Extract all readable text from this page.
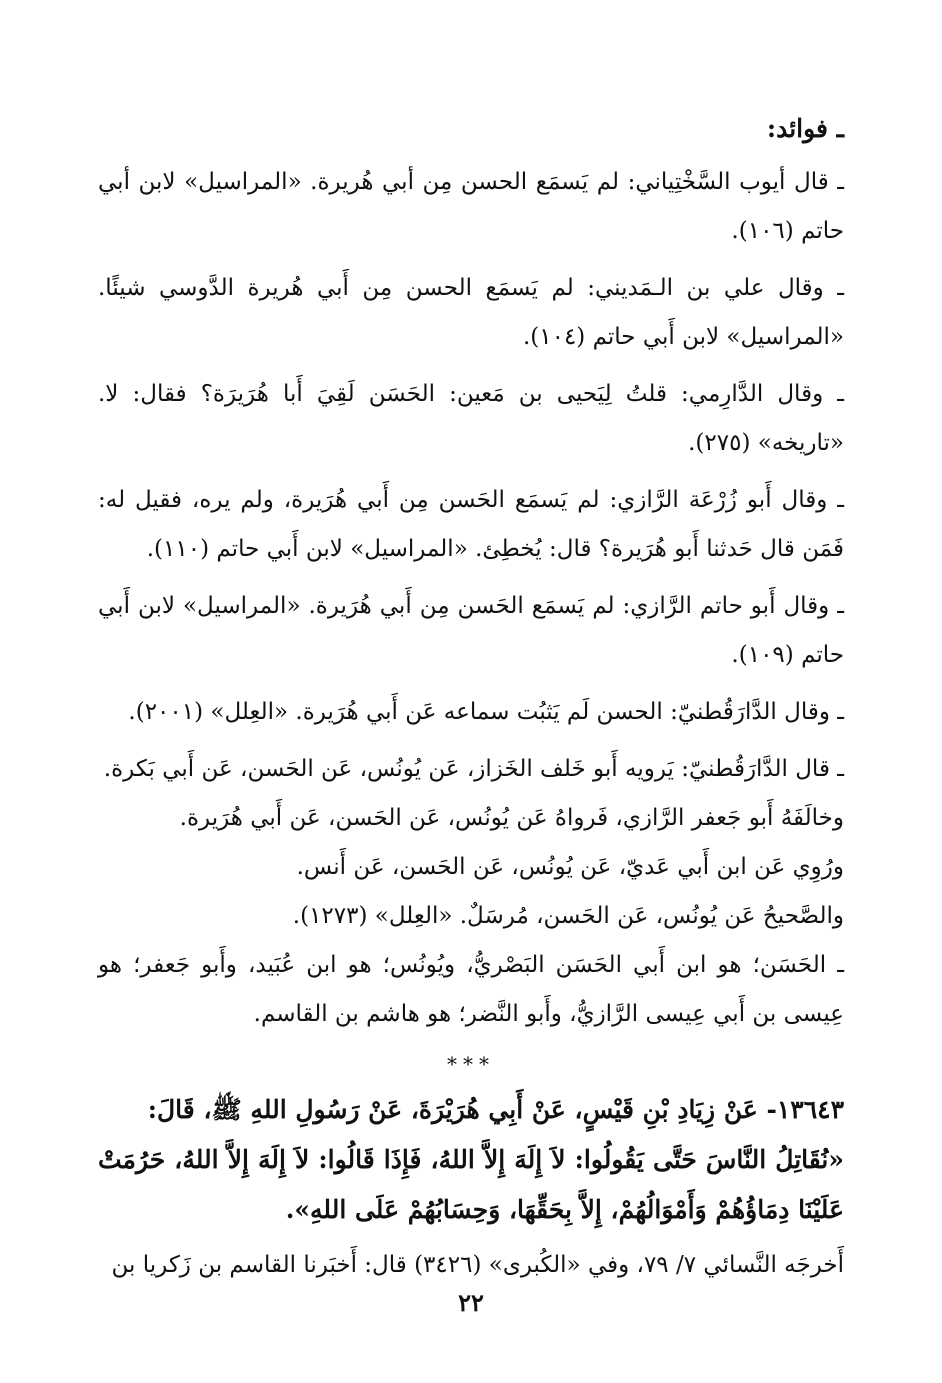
ـ فوائد:

ـ قال أيوب السَّخْتِياني: لم يَسمَع الحسن مِن أبي هُريرة. «المراسيل» لابن أبي حاتم (١٠٦).

ـ وقال علي بن الـمَديني: لم يَسمَع الحسن مِن أَبي هُريرة الدَّوسي شيئًا. «المراسيل» لابن أَبي حاتم (١٠٤).

ـ وقال الدَّارِمي: قلتُ لِيَحيى بن مَعين: الحَسَن لَقِيَ أَبا هُرَيرَة؟ فقال: لا. «تاريخه» (٢٧٥).

ـ وقال أَبو زُرْعَة الرَّازي: لم يَسمَع الحَسن مِن أَبي هُرَيرة، ولم يره، فقيل له: فَمَن قال حَدثنا أَبو هُرَيرة؟ قال: يُخطِئ. «المراسيل» لابن أَبي حاتم (١١٠).

ـ وقال أَبو حاتم الرَّازي: لم يَسمَع الحَسن مِن أَبي هُرَيرة. «المراسيل» لابن أَبي حاتم (١٠٩).

ـ وقال الدَّارَقُطنيّ: الحسن لَم يَثبُت سماعه عَن أَبي هُرَيرة. «العِلل» (٢٠٠١).

ـ قال الدَّارَقُطنيّ: يَرويه أَبو خَلف الخَزاز، عَن يُونُس، عَن الحَسن، عَن أَبي بَكرة.

وخالَفَهُ أَبو جَعفر الرَّازي، فَرواهُ عَن يُونُس، عَن الحَسن، عَن أَبي هُرَيرة.

ورُوِي عَن ابن أَبي عَديّ، عَن يُونُس، عَن الحَسن، عَن أَنس.

والصَّحيحُ عَن يُونُس، عَن الحَسن، مُرسَلٌ. «العِلل» (١٢٧٣).

ـ الحَسَن؛ هو ابن أَبي الحَسَن البَصْريُّ، ويُونُس؛ هو ابن عُبَيد، وأَبو جَعفر؛ هو عِيسى بن أَبي عِيسى الرَّازيُّ، وأَبو النَّضر؛ هو هاشم بن القاسم.

***

١٣٦٤٣- عَنْ زِيَادِ بْنِ قَيْسٍ، عَنْ أَبِي هُرَيْرَةَ، عَنْ رَسُولِ اللهِ ﷺ، قَالَ:

«نُقَاتِلُ النَّاسَ حَتَّى يَقُولُوا: لاَ إِلَهَ إِلاَّ اللهُ، فَإِذَا قَالُوا: لاَ إِلَهَ إِلاَّ اللهُ، حَرُمَتْ عَلَيْنَا دِمَاؤُهُمْ وَأَمْوَالُهُمْ، إِلاَّ بِحَقِّهَا، وَحِسَابُهُمْ عَلَى اللهِ».

أَخرجَه النَّسائي ٧/ ٧٩، وفي «الكُبرى» (٣٤٢٦) قال: أَخبَرنا القاسم بن زَكريا بن

٢٢
